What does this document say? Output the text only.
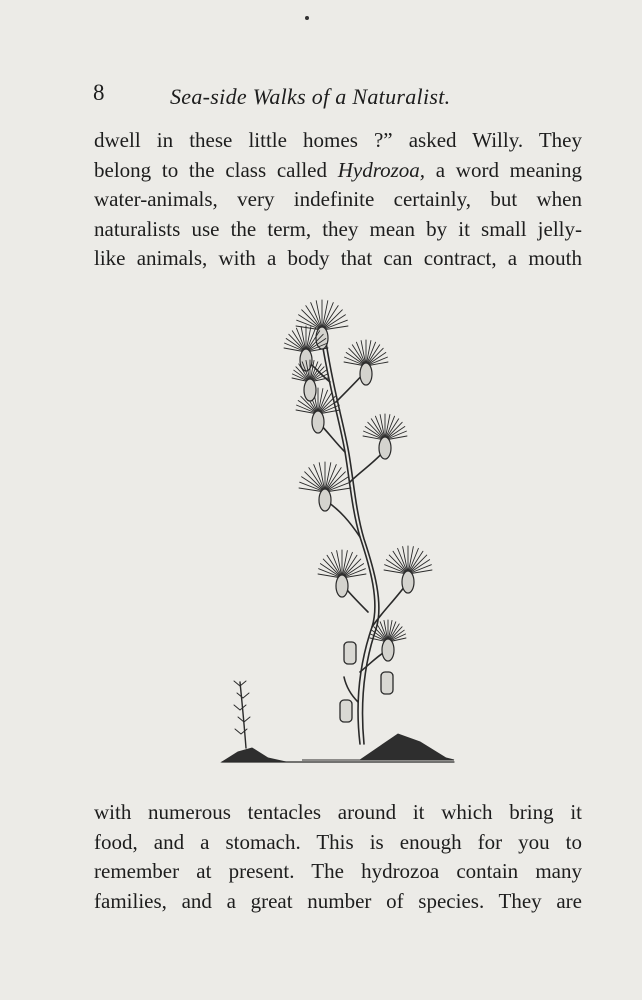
8	Sea-side Walks of a Naturalist.
dwell in these little homes ?” asked Willy. They
belong to the class called Hydrozoa, a word meaning
water-animals, very indefinite certainly, but when
naturalists use the term, they mean by it small jelly-
like animals, with a body that can contract, a mouth
with numerous tentacles around it which bring it
food, and a stomach. This is enough for you to
remember at present. The hydrozoa contain many
families, and a great number of species. They are
